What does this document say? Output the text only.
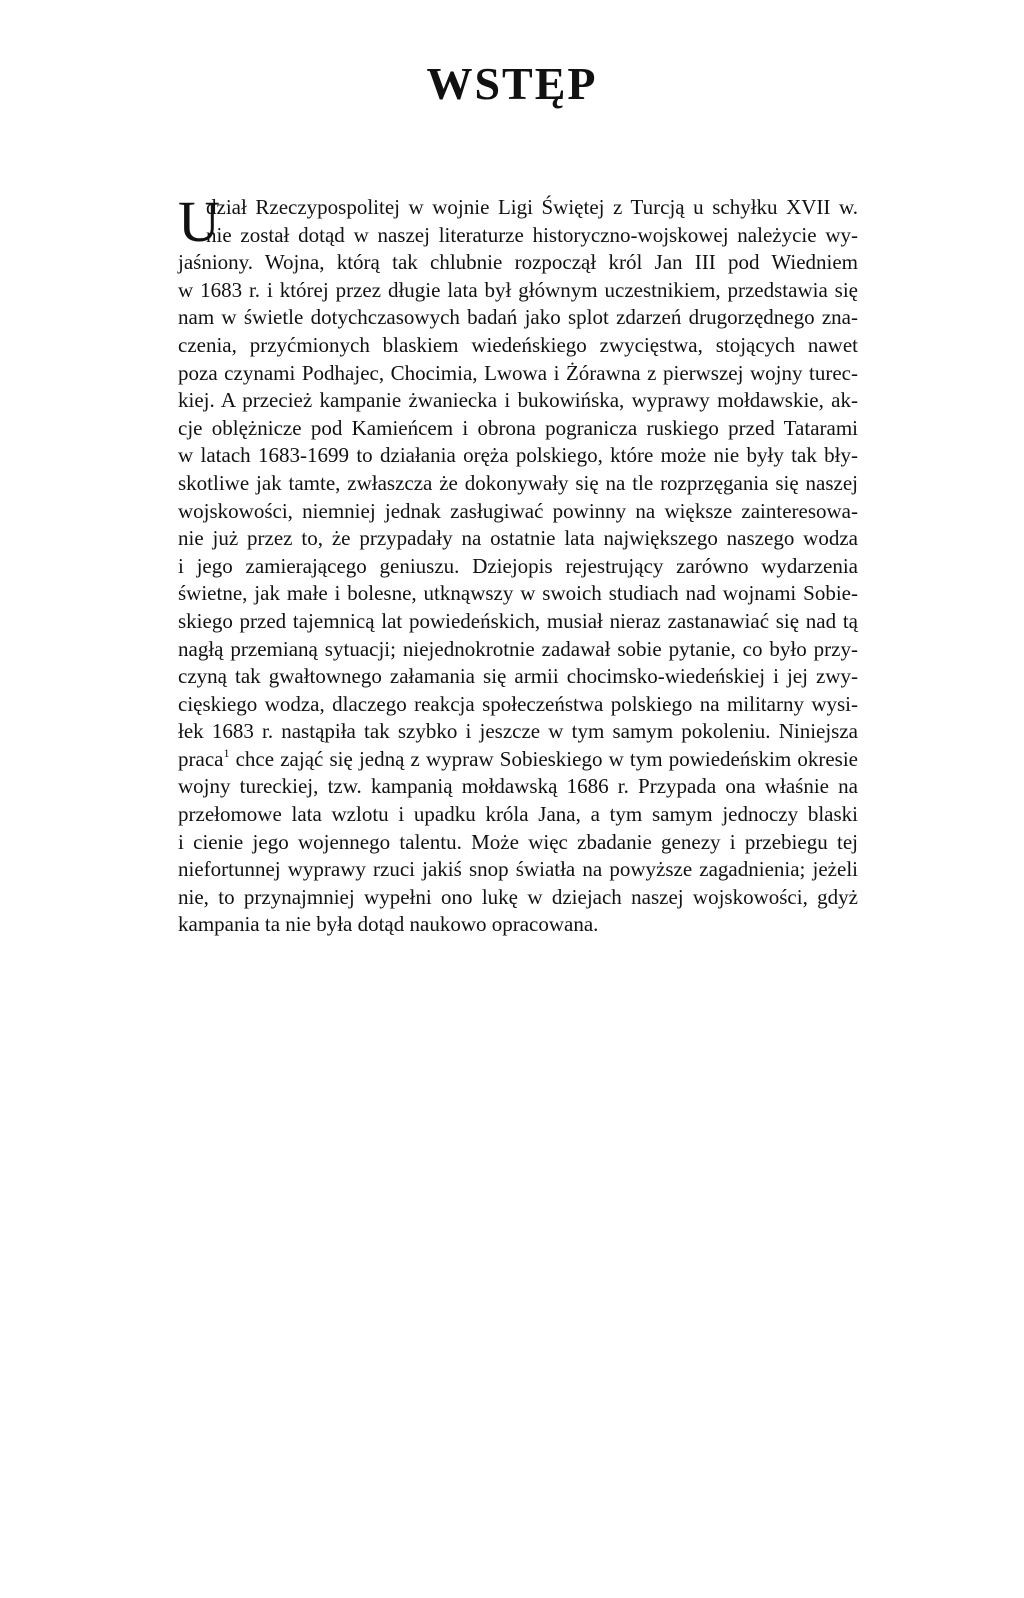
WSTĘP
U
dział Rzeczypospolitej w wojnie Ligi Świętej z Turcją u schyłku XVII w.
nie został dotąd w naszej literaturze historyczno-wojskowej należycie wy-
jaśniony. Wojna, którą tak chlubnie rozpoczął król Jan III pod Wiedniem
w 1683 r. i której przez długie lata był głównym uczestnikiem, przedstawia się
nam w świetle dotychczasowych badań jako splot zdarzeń drugorzędnego zna-
czenia, przyćmionych blaskiem wiedeńskiego zwycięstwa, stojących nawet
poza czynami Podhajec, Chocimia, Lwowa i Żórawna z pierwszej wojny turec-
kiej. A przecież kampanie żwaniecka i bukowińska, wyprawy mołdawskie, ak-
cje oblężnicze pod Kamieńcem i obrona pogranicza ruskiego przed Tatarami
w latach 1683-1699 to działania oręża polskiego, które może nie były tak bły-
skotliwe jak tamte, zwłaszcza że dokonywały się na tle rozprzęgania się naszej
wojskowości, niemniej jednak zasługiwać powinny na większe zainteresowa-
nie już przez to, że przypadały na ostatnie lata największego naszego wodza
i jego zamierającego geniuszu. Dziejopis rejestrujący zarówno wydarzenia
świetne, jak małe i bolesne, utknąwszy w swoich studiach nad wojnami Sobie-
skiego przed tajemnicą lat powiedeńskich, musiał nieraz zastanawiać się nad tą
nagłą przemianą sytuacji; niejednokrotnie zadawał sobie pytanie, co było przy-
czyną tak gwałtownego załamania się armii chocimsko-wiedeńskiej i jej zwy-
cięskiego wodza, dlaczego reakcja społeczeństwa polskiego na militarny wysi-
łek 1683 r. nastąpiła tak szybko i jeszcze w tym samym pokoleniu. Niniejsza
praca$^1$ chce zająć się jedną z wypraw Sobieskiego w tym powiedeńskim okresie
wojny tureckiej, tzw. kampanią mołdawską 1686 r. Przypada ona właśnie na
przełomowe lata wzlotu i upadku króla Jana, a tym samym jednoczy blaski
i cienie jego wojennego talentu. Może więc zbadanie genezy i przebiegu tej
niefortunnej wyprawy rzuci jakiś snop światła na powyższe zagadnienia; jeżeli
nie, to przynajmniej wypełni ono lukę w dziejach naszej wojskowości, gdyż
kampania ta nie była dotąd naukowo opracowana.
